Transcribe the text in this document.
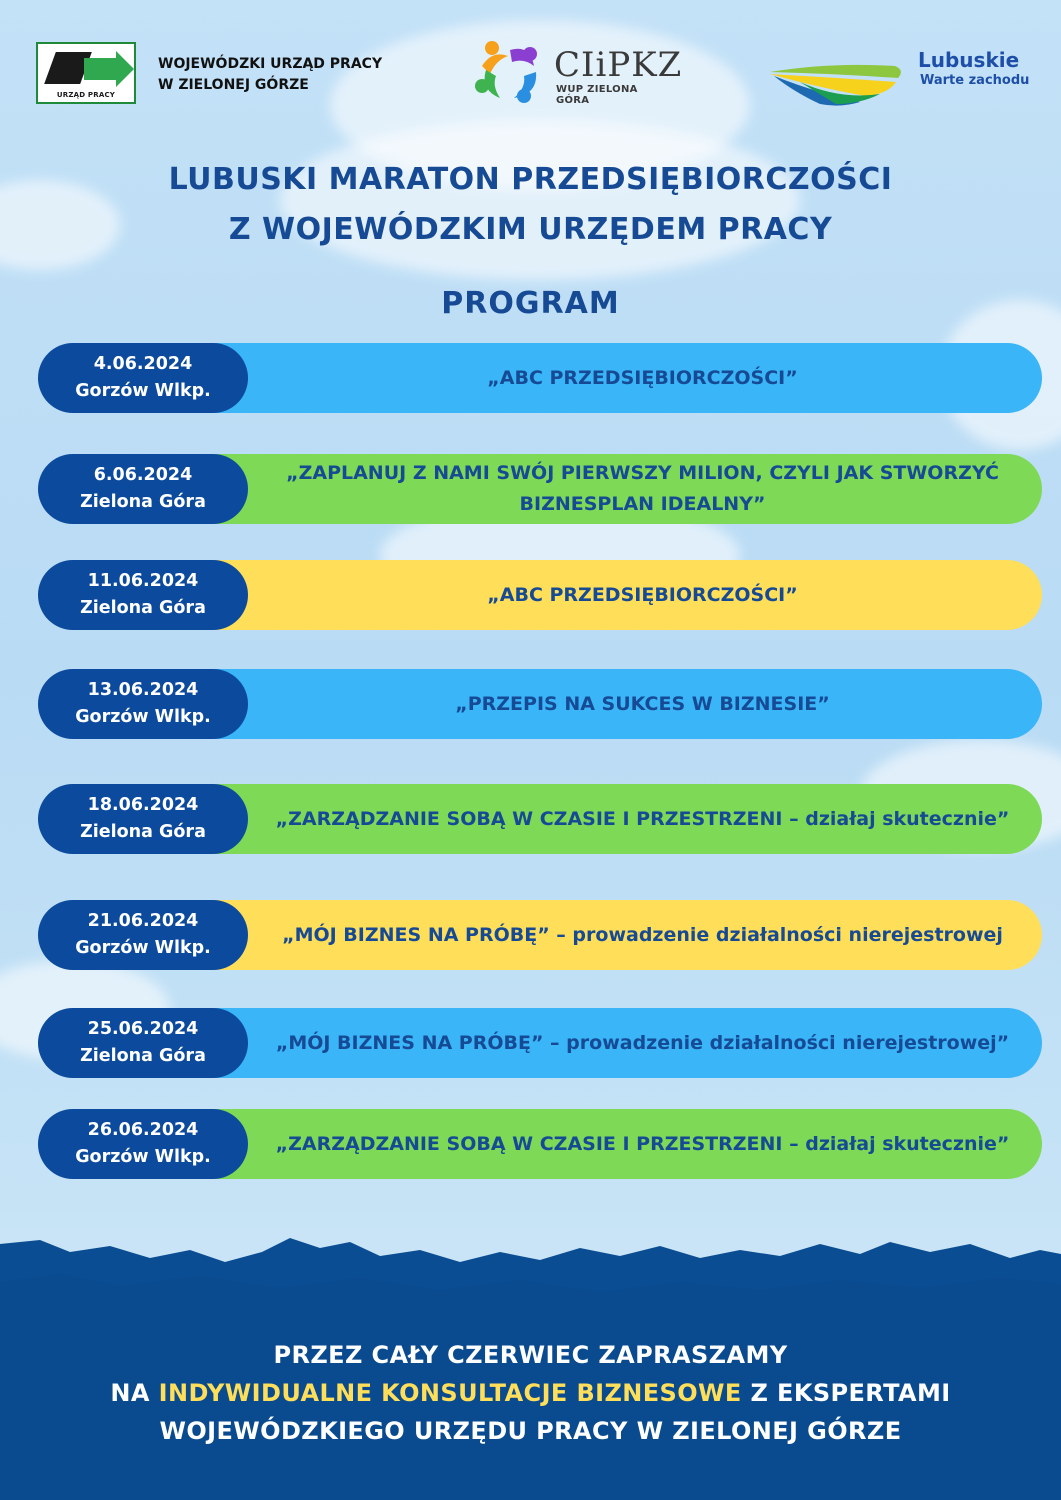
URZĄD PRACY
WOJEWÓDZKI URZĄD PRACY
W ZIELONEJ GÓRZE	CIiPKZ
WUP ZIELONA GÓRA
Lubuskie
Warte zachodu
LUBUSKI MARATON PRZEDSIĘBIORCZOŚCI
Z WOJEWÓDZKIM URZĘDEM PRACY
PROGRAM
4.06.2024
Gorzów Wlkp.
„ABC PRZEDSIĘBIORCZOŚCI”
6.06.2024
Zielona Góra
„ZAPLANUJ Z NAMI SWÓJ PIERWSZY MILION, CZYLI JAK STWORZYĆ BIZNESPLAN IDEALNY”
11.06.2024
Zielona Góra
„ABC PRZEDSIĘBIORCZOŚCI”
13.06.2024
Gorzów Wlkp.
„PRZEPIS NA SUKCES W BIZNESIE”
18.06.2024
Zielona Góra
„ZARZĄDZANIE SOBĄ W CZASIE I PRZESTRZENI – działaj skutecznie”
21.06.2024
Gorzów Wlkp.
„MÓJ BIZNES NA PRÓBĘ” – prowadzenie działalności nierejestrowej
25.06.2024
Zielona Góra
„MÓJ BIZNES NA PRÓBĘ” – prowadzenie działalności nierejestrowej”
26.06.2024
Gorzów Wlkp.
„ZARZĄDZANIE SOBĄ W CZASIE I PRZESTRZENI – działaj skutecznie”
PRZEZ CAŁY CZERWIEC ZAPRASZAMY
NA INDYWIDUALNE KONSULTACJE BIZNESOWE Z EKSPERTAMI
WOJEWÓDZKIEGO URZĘDU PRACY W ZIELONEJ GÓRZE
